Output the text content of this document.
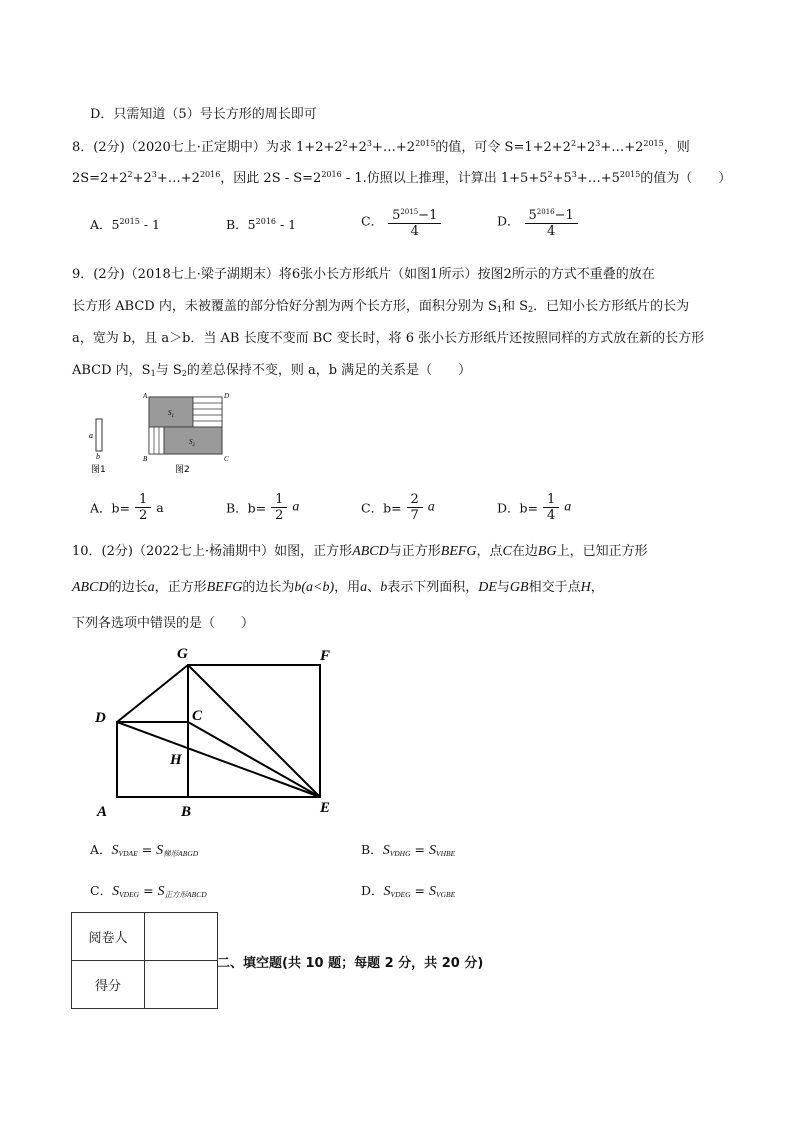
D．只需知道（5）号长方形的周长即可
8．(2分)（2020七上·正定期中）为求 $1+2+2^2+2^3+\dots+2^{2015}$的值，可令 $S=1+2+2^2+2^3+\dots+2^{2015}$，则
$2S=2+2^2+2^3+\dots+2^{2016}$，因此 $2S - S=2^{2016} - 1$.仿照以上推理，计算出 $1+5+5^2+5^3+\dots+5^{2015}$的值为（　　）
A．$5^{2015} - 1$	B．$5^{2016} - 1$	C． $\frac{5^{2015}-1}{4}$	D． $\frac{5^{2016}-1}{4}$
9．(2分)（2018七上·梁子湖期末）将6张小长方形纸片（如图1所示）按图2所示的方式不重叠的放在
长方形 ABCD 内，未被覆盖的部分恰好分割为两个长方形，面积分别为 $S_1$和 $S_2$．已知小长方形纸片的长为
a，宽为 b，且 a＞b．当 AB 长度不变而 BC 变长时，将 6 张小长方形纸片还按照同样的方式放在新的长方形
ABCD 内，$S_1$与 $S_2$的差总保持不变，则 a，b 满足的关系是（　　）
a
b
图1
A	D
B	C
$S_1$
$S_2$
图2
A．$b= \frac{1}{2}$ a	B．$b= \frac{1}{2}$ a	C．$b= \frac{2}{7}$ a	D．$b= \frac{1}{4}$ a
10．(2分)（2022七上·杨浦期中）如图，正方形ABCD与正方形BEFG，点C在边BG上，已知正方形
ABCD的边长a，正方形BEFG的边长为b(a<b)，用a、b表示下列面积，DE与GB相交于点H，
下列各选项中错误的是（　　）
G	F
D	C
H
A	B	E
A．$S_{VDAE} = S_{梯形ABGD}$	B．$S_{VDHG} = S_{VHBE}$
C．$S_{VDEG} = S_{正方形ABCD}$	D．$S_{VDEG} = S_{VGBE}$
阅卷人	
得分	
二、填空题(共 10 题；每题 2 分，共 20 分)
